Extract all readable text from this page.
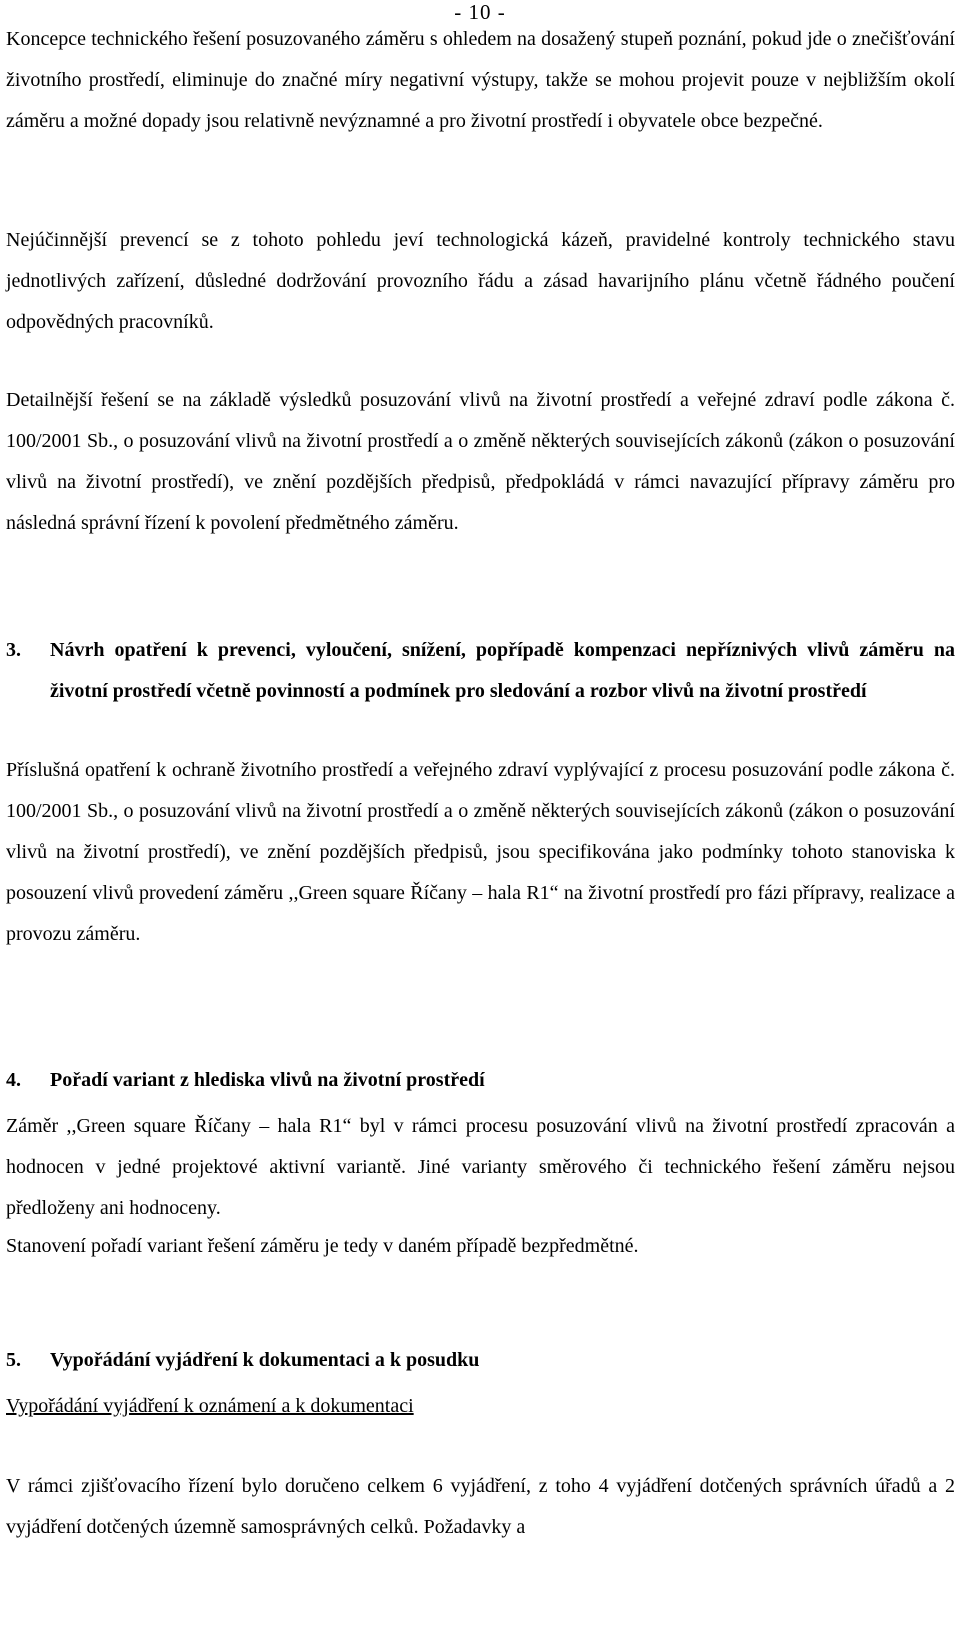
- 10 -

Koncepce technického řešení posuzovaného záměru s ohledem na dosažený stupeň poznání, pokud jde o znečišťování životního prostředí, eliminuje do značné míry negativní výstupy, takže se mohou projevit pouze v nejbližším okolí záměru a možné dopady jsou relativně nevýznamné a pro životní prostředí i obyvatele obce bezpečné.

Nejúčinnější prevencí se z tohoto pohledu jeví technologická kázeň, pravidelné kontroly technického stavu jednotlivých zařízení, důsledné dodržování provozního řádu a zásad havarijního plánu včetně řádného poučení odpovědných pracovníků.

Detailnější řešení se na základě výsledků posuzování vlivů na životní prostředí a veřejné zdraví podle zákona č. 100/2001 Sb., o posuzování vlivů na životní prostředí a o změně některých souvisejících zákonů (zákon o posuzování vlivů na životní prostředí), ve znění pozdějších předpisů, předpokládá v rámci navazující přípravy záměru pro následná správní řízení k povolení předmětného záměru.

3. Návrh opatření k prevenci, vyloučení, snížení, popřípadě kompenzaci nepříznivých vlivů záměru na životní prostředí včetně povinností a podmínek pro sledování a rozbor vlivů na životní prostředí

Příslušná opatření k ochraně životního prostředí a veřejného zdraví vyplývající z procesu posuzování podle zákona č. 100/2001 Sb., o posuzování vlivů na životní prostředí a o změně některých souvisejících zákonů (zákon o posuzování vlivů na životní prostředí), ve znění pozdějších předpisů, jsou specifikována jako podmínky tohoto stanoviska k posouzení vlivů provedení záměru ,,Green square Říčany – hala R1“ na životní prostředí pro fázi přípravy, realizace a provozu záměru.

4. Pořadí variant z hlediska vlivů na životní prostředí

Záměr ,,Green square Říčany – hala R1“ byl v rámci procesu posuzování vlivů na životní prostředí zpracován a hodnocen v jedné projektové aktivní variantě. Jiné varianty směrového či technického řešení záměru nejsou předloženy ani hodnoceny.

Stanovení pořadí variant řešení záměru je tedy v daném případě bezpředmětné.

5. Vypořádání vyjádření k dokumentaci a k posudku

Vypořádání vyjádření k oznámení a k dokumentaci

V rámci zjišťovacího řízení bylo doručeno celkem 6 vyjádření, z toho 4 vyjádření dotčených správních úřadů a 2 vyjádření dotčených územně samosprávných celků. Požadavky a
